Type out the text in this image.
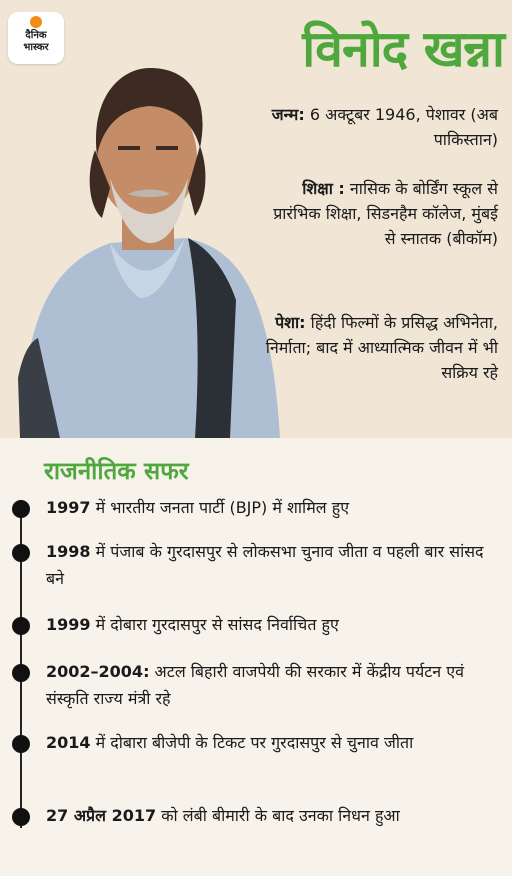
दैनिक
भास्कर	विनोद खन्ना
जन्म: 6 अक्टूबर 1946, पेशावर (अब पाकिस्तान)
शिक्षा : नासिक के बोर्डिंग स्कूल से प्रारंभिक शिक्षा, सिडनहैम कॉलेज, मुंबई से स्नातक (बीकॉम)
पेशा: हिंदी फिल्मों के प्रसिद्ध अभिनेता, निर्माता; बाद में आध्यात्मिक जीवन में भी सक्रिय रहे
राजनीतिक सफर
1997 में भारतीय जनता पार्टी (BJP) में शामिल हुए
1998 में पंजाब के गुरदासपुर से लोकसभा चुनाव जीता व पहली बार सांसद बने
1999 में दोबारा गुरदासपुर से सांसद निर्वाचित हुए
2002–2004: अटल बिहारी वाजपेयी की सरकार में केंद्रीय पर्यटन एवं संस्कृति राज्य मंत्री रहे
2014 में दोबारा बीजेपी के टिकट पर गुरदासपुर से चुनाव जीता
27 अप्रैल 2017 को लंबी बीमारी के बाद उनका निधन हुआ
